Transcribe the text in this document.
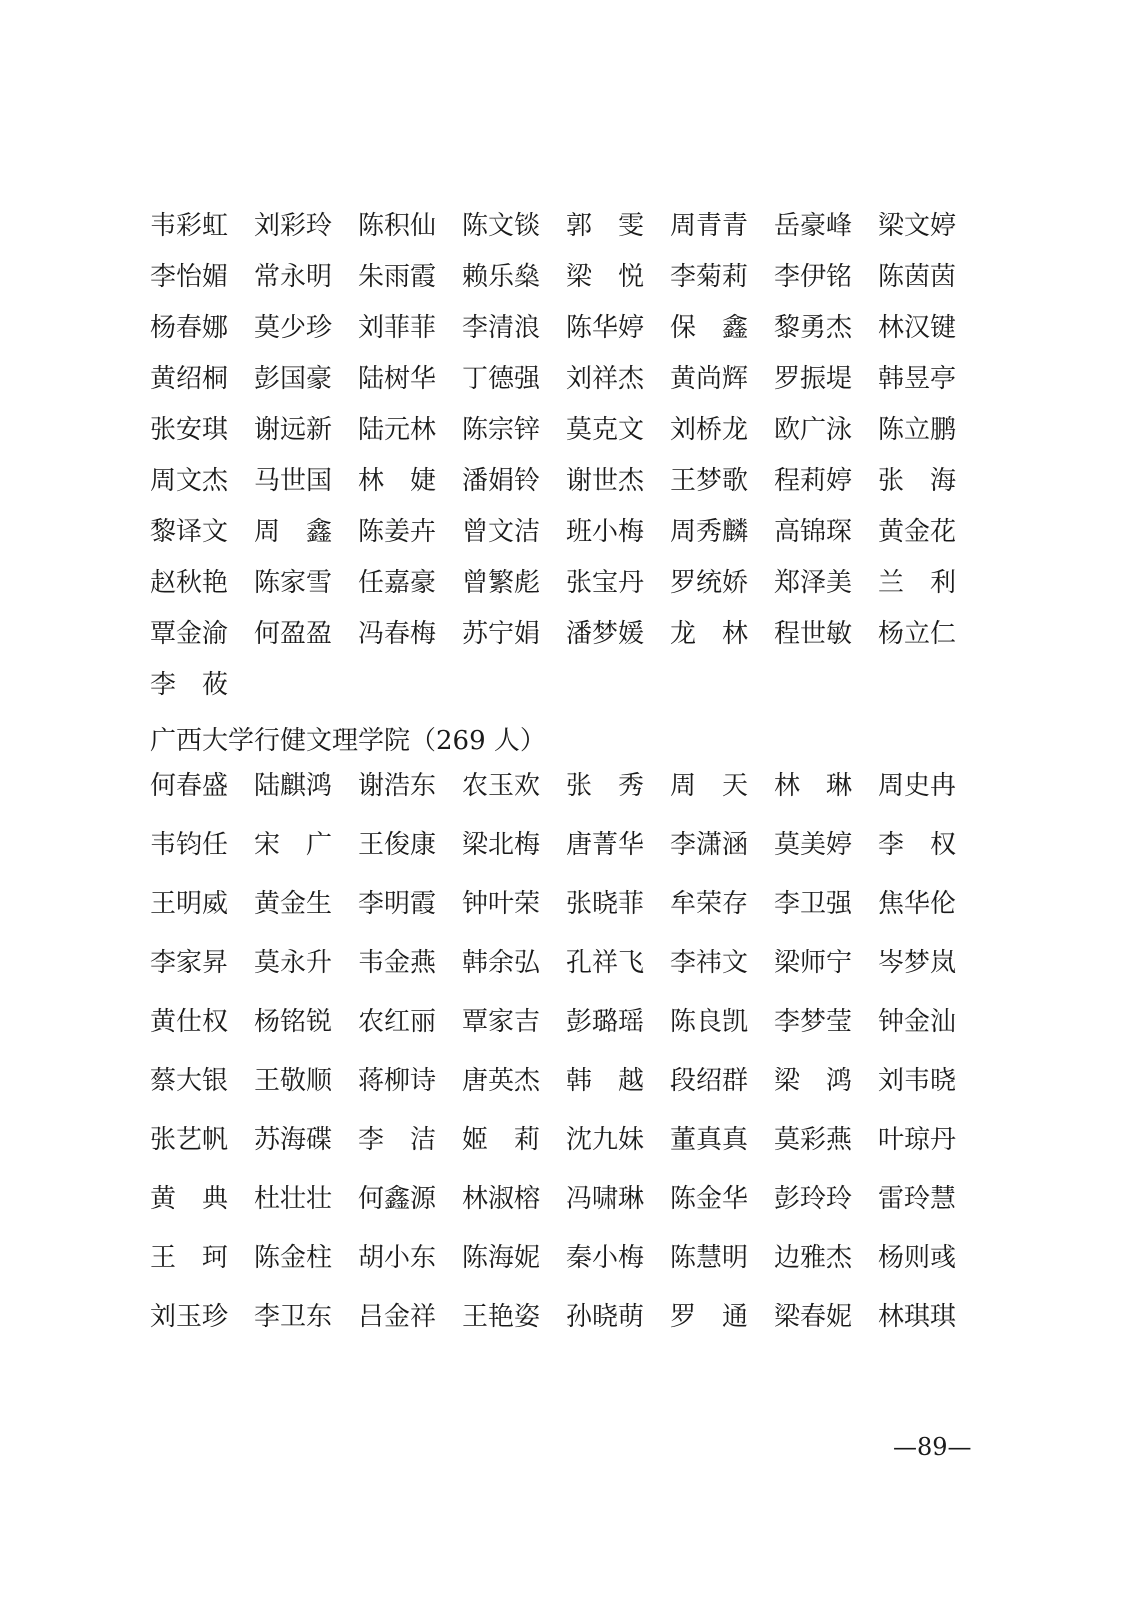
韦彩虹 刘彩玲 陈积仙 陈文锬 郭　雯 周青青 岳豪峰 梁文婷
李怡媚 常永明 朱雨霞 赖乐燊 梁　悦 李菊莉 李伊铭 陈茵茵
杨春娜 莫少珍 刘菲菲 李清浪 陈华婷 保　鑫 黎勇杰 林汉键
黄绍桐 彭国豪 陆树华 丁德强 刘祥杰 黄尚辉 罗振堤 韩昱亭
张安琪 谢远新 陆元林 陈宗锌 莫克文 刘桥龙 欧广泳 陈立鹏
周文杰 马世国 林　婕 潘娟铃 谢世杰 王梦歌 程莉婷 张　海
黎译文 周　鑫 陈姜卉 曾文洁 班小梅 周秀麟 高锦琛 黄金花
赵秋艳 陈家雪 任嘉豪 曾繁彪 张宝丹 罗统娇 郑泽美 兰　利
覃金渝 何盈盈 冯春梅 苏宁娟 潘梦媛 龙　林 程世敏 杨立仁
李　莜
广西大学行健文理学院（269 人）
何春盛 陆麒鸿 谢浩东 农玉欢 张　秀 周　天 林　琳 周史冉
韦钧任 宋　广 王俊康 梁北梅 唐菁华 李潇涵 莫美婷 李　权
王明威 黄金生 李明霞 钟叶荣 张晓菲 牟荣存 李卫强 焦华伦
李家昇 莫永升 韦金燕 韩余弘 孔祥飞 李祎文 梁师宁 岑梦岚
黄仕权 杨铭锐 农红丽 覃家吉 彭璐瑶 陈良凯 李梦莹 钟金汕
蔡大银 王敬顺 蒋柳诗 唐英杰 韩　越 段绍群 梁　鸿 刘韦晓
张艺帆 苏海碟 李　洁 姬　莉 沈九妹 董真真 莫彩燕 叶琼丹
黄　典 杜壮壮 何鑫源 林淑榕 冯啸琳 陈金华 彭玲玲 雷玲慧
王　珂 陈金柱 胡小东 陈海妮 秦小梅 陈慧明 边雅杰 杨则彧
刘玉珍 李卫东 吕金祥 王艳姿 孙晓萌 罗　通 梁春妮 林琪琪
—89—
